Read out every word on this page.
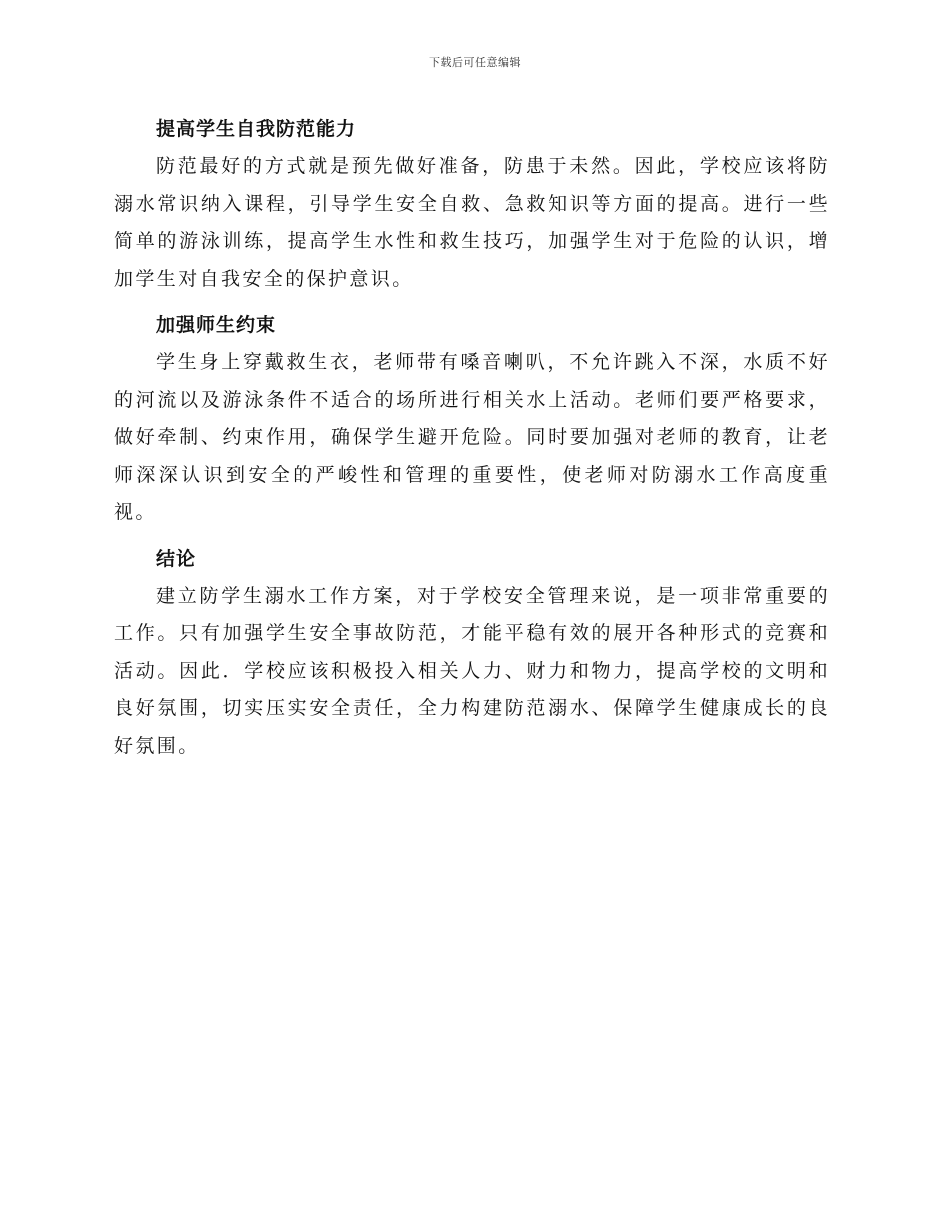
下载后可任意编辑
提高学生自我防范能力

防范最好的方式就是预先做好准备，防患于未然。因此，学校应该将防溺水常识纳入课程，引导学生安全自救、急救知识等方面的提高。进行一些简单的游泳训练，提高学生水性和救生技巧，加强学生对于危险的认识，增加学生对自我安全的保护意识。

加强师生约束

学生身上穿戴救生衣，老师带有嗓音喇叭，不允许跳入不深，水质不好的河流以及游泳条件不适合的场所进行相关水上活动。老师们要严格要求，做好牵制、约束作用，确保学生避开危险。同时要加强对老师的教育，让老师深深认识到安全的严峻性和管理的重要性，使老师对防溺水工作高度重视。

结论

建立防学生溺水工作方案，对于学校安全管理来说，是一项非常重要的工作。只有加强学生安全事故防范，才能平稳有效的展开各种形式的竞赛和活动。因此．学校应该积极投入相关人力、财力和物力，提高学校的文明和良好氛围，切实压实安全责任，全力构建防范溺水、保障学生健康成长的良好氛围。
